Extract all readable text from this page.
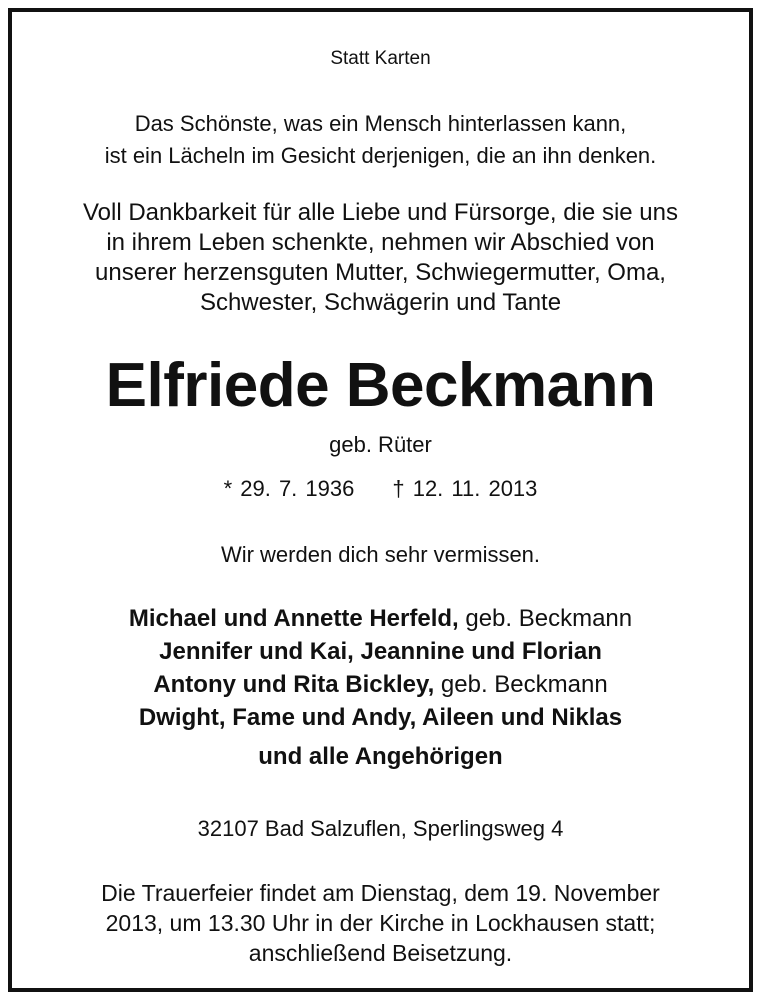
Statt Karten
Das Schönste, was ein Mensch hinterlassen kann,
ist ein Lächeln im Gesicht derjenigen, die an ihn denken.
Voll Dankbarkeit für alle Liebe und Fürsorge, die sie uns
in ihrem Leben schenkte, nehmen wir Abschied von
unserer herzensguten Mutter, Schwiegermutter, Oma,
Schwester, Schwägerin und Tante
Elfriede Beckmann
geb. Rüter
* 29. 7. 1936 † 12. 11. 2013
Wir werden dich sehr vermissen.
Michael und Annette Herfeld, geb. Beckmann
Jennifer und Kai, Jeannine und Florian
Antony und Rita Bickley, geb. Beckmann
Dwight, Fame und Andy, Aileen und Niklas
und alle Angehörigen
32107 Bad Salzuflen, Sperlingsweg 4
Die Trauerfeier findet am Dienstag, dem 19. November
2013, um 13.30 Uhr in der Kirche in Lockhausen statt;
anschließend Beisetzung.
